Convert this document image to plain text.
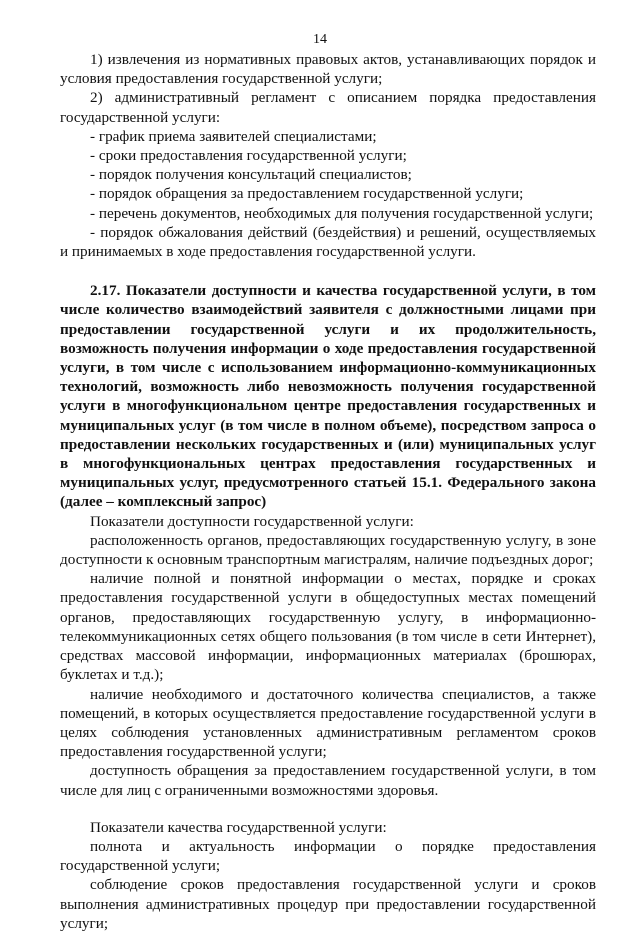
14

1) извлечения из нормативных правовых актов, устанавливающих порядок и условия предоставления государственной услуги;

2) административный регламент с описанием порядка предоставления государственной услуги:

- график приема заявителей специалистами;

- сроки предоставления государственной услуги;

- порядок получения консультаций специалистов;

- порядок обращения за предоставлением государственной услуги;

- перечень документов, необходимых для получения государственной услуги;

- порядок обжалования действий (бездействия) и решений, осуществляемых и принимаемых в ходе предоставления государственной услуги.

2.17. Показатели доступности и качества государственной услуги, в том числе количество взаимодействий заявителя с должностными лицами при предоставлении государственной услуги и их продолжительность, возможность получения информации о ходе предоставления государственной услуги, в том числе с использованием информационно-коммуникационных технологий, возможность либо невозможность получения государственной услуги в многофункциональном центре предоставления государственных и муниципальных услуг (в том числе в полном объеме), посредством запроса о предоставлении нескольких государственных и (или) муниципальных услуг в многофункциональных центрах предоставления государственных и муниципальных услуг, предусмотренного статьей 15.1. Федерального закона (далее – комплексный запрос)

Показатели доступности государственной услуги:

расположенность органов, предоставляющих государственную услугу, в зоне доступности к основным транспортным магистралям, наличие подъездных дорог;

наличие полной и понятной информации о местах, порядке и сроках предоставления государственной услуги в общедоступных местах помещений органов, предоставляющих государственную услугу, в информационно-телекоммуникационных сетях общего пользования (в том числе в сети Интернет), средствах массовой информации, информационных материалах (брошюрах, буклетах и т.д.);

наличие необходимого и достаточного количества специалистов, а также помещений, в которых осуществляется предоставление государственной услуги в целях соблюдения установленных административным регламентом сроков предоставления государственной услуги;

доступность обращения за предоставлением государственной услуги, в том числе для лиц с ограниченными возможностями здоровья.

Показатели качества государственной услуги:

полнота и актуальность информации о порядке предоставления государственной услуги;

соблюдение сроков предоставления государственной услуги и сроков выполнения административных процедур при предоставлении государственной услуги;
